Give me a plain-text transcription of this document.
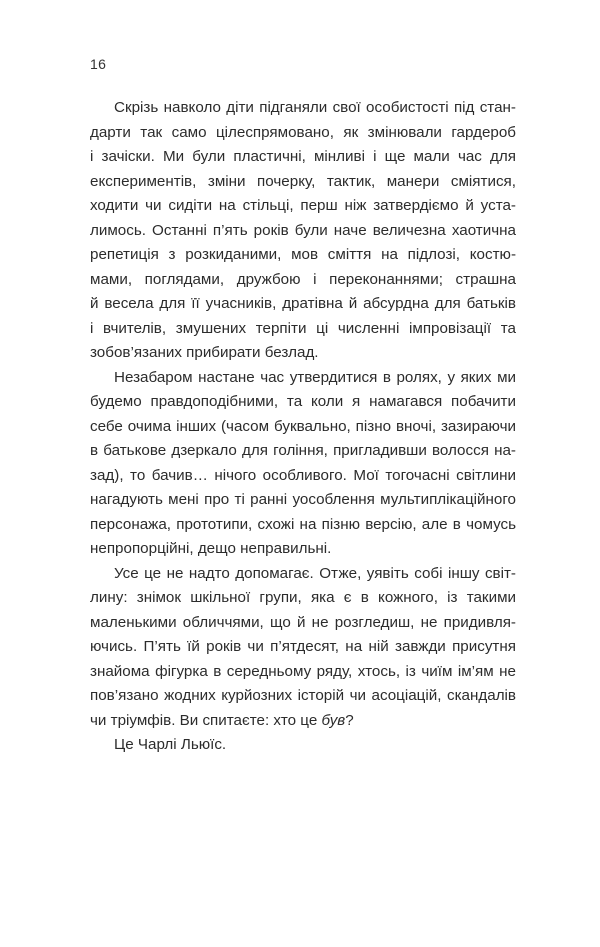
16

Скрізь навколо діти підганяли свої особистості під стан-
дарти так само цілеспрямовано, як змінювали гардероб
і зачіски. Ми були пластичні, мінливі і ще мали час для
експериментів, зміни почерку, тактик, манери сміятися,
ходити чи сидіти на стільці, перш ніж затвердіємо й уста-
лимось. Останні п’ять років були наче величезна хаотична
репетиція з розкиданими, мов сміття на підлозі, костю-
мами, поглядами, дружбою і переконаннями; страшна
й весела для її учасників, дратівна й абсурдна для батьків
і вчителів, змушених терпіти ці численні імпровізації та
зобов’язаних прибирати безлад.

Незабаром настане час утвердитися в ролях, у яких ми
будемо правдоподібними, та коли я намагався побачити
себе очима інших (часом буквально, пізно вночі, зазираючи
в батькове дзеркало для гоління, пригладивши волосся на-
зад), то бачив… нічого особливого. Мої тогочасні світлини
нагадують мені про ті ранні уособлення мультиплікаційного
персонажа, прототипи, схожі на пізню версію, але в чомусь
непропорційні, дещо неправильні.

Усе це не надто допомагає. Отже, уявіть собі іншу світ-
лину: знімок шкільної групи, яка є в кожного, із такими
маленькими обличчями, що й не розгледиш, не придивля-
ючись. П’ять їй років чи п’ятдесят, на ній завжди присутня
знайома фігурка в середньому ряду, хтось, із чиїм ім’ям не
пов’язано жодних курйозних історій чи асоціацій, скандалів
чи тріумфів. Ви спитаєте: хто це був?

Це Чарлі Льюїс.
